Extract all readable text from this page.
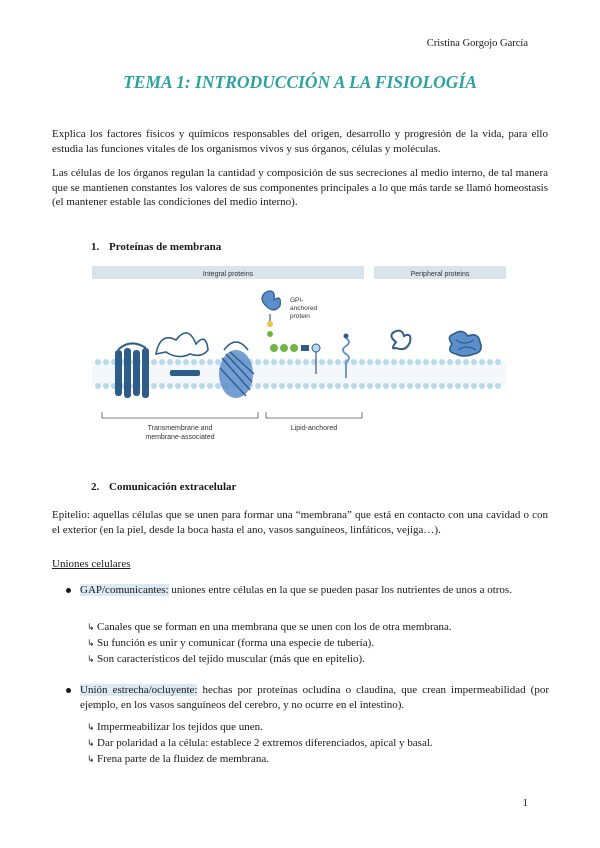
Cristina Gorgojo García
TEMA 1: INTRODUCCIÓN A LA FISIOLOGÍA
Explica los factores físicos y químicos responsables del origen, desarrollo y progresión de la vida, para ello estudia las funciones vitales de los organismos vivos y sus órganos, células y moléculas.
Las células de los órganos regulan la cantidad y composición de sus secreciones al medio interno, de tal manera que se mantienen constantes los valores de sus componentes principales a lo que más tarde se llamó homeostasis (el mantener estable las condiciones del medio interno).
1. Proteínas de membrana
Integral proteins	Peripheral proteins
GPI-
anchored
protein
Transmembrane and
membrane-associated
Lipid-anchored
2. Comunicación extracelular
Epitelio: aquellas células que se unen para formar una “membrana” que está en contacto con una cavidad o con el exterior (en la piel, desde la boca hasta el ano, vasos sanguíneos, linfáticos, vejiga…).
Uniones celulares
GAP/comunicantes: uniones entre células en la que se pueden pasar los nutrientes de unos a otros.
↳ Canales que se forman en una membrana que se unen con los de otra membrana.
↳ Su función es unir y comunicar (forma una especie de tubería).
↳ Son característicos del tejido muscular (más que en epitelio).
Unión estrecha/ocluyente: hechas por proteínas ocludina o claudina, que crean impermeabilidad (por ejemplo, en los vasos sanguíneos del cerebro, y no ocurre en el intestino).
↳ Impermeabilizar los tejidos que unen.
↳ Dar polaridad a la célula: establece 2 extremos diferenciados, apical y basal.
↳ Frena parte de la fluidez de membrana.
1
